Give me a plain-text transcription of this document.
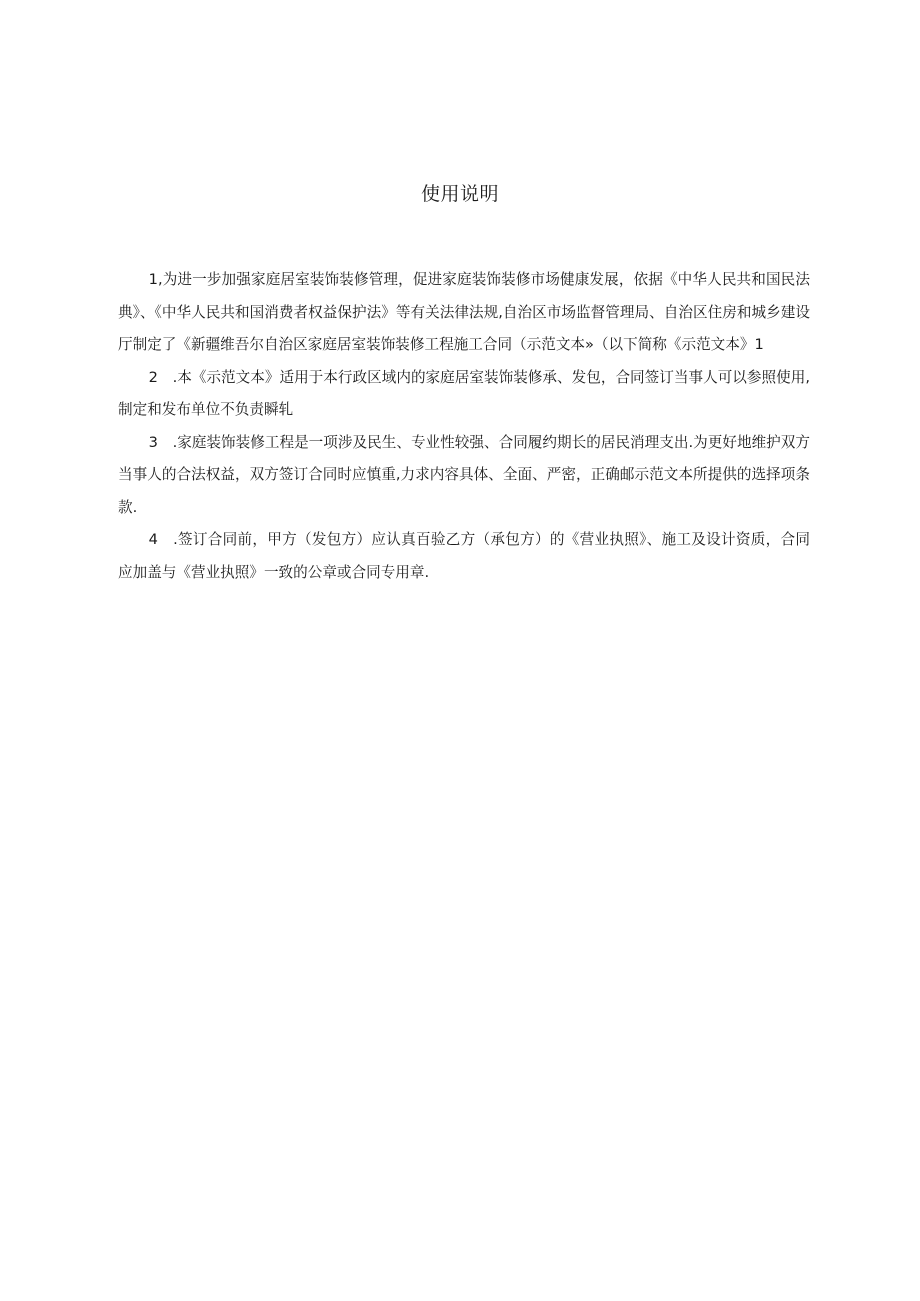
使用说明

1,为进一步加强家庭居室装饰装修管理，促进家庭装饰装修市场健康发展，依据《中华人民共和国民法典》、《中华人民共和国消费者权益保护法》等有关法律法规,自治区市场监督管理局、自治区住房和城乡建设厅制定了《新疆维吾尔自治区家庭居室装饰装修工程施工合同（示范文本»（以下简称《示范文本》1

2　.本《示范文本》适用于本行政区域内的家庭居室装饰装修承、发包，合同签订当事人可以参照使用,制定和发布单位不负责瞬轧

3　.家庭装饰装修工程是一项涉及民生、专业性较强、合同履约期长的居民消理支出.为更好地维护双方当事人的合法权益，双方签订合同时应慎重,力求内容具体、全面、严密，正确邮示范文本所提供的选择项条款.

4　.签订合同前，甲方（发包方）应认真百验乙方（承包方）的《营业执照》、施工及设计资质，合同应加盖与《营业执照》一致的公章或合同专用章.
